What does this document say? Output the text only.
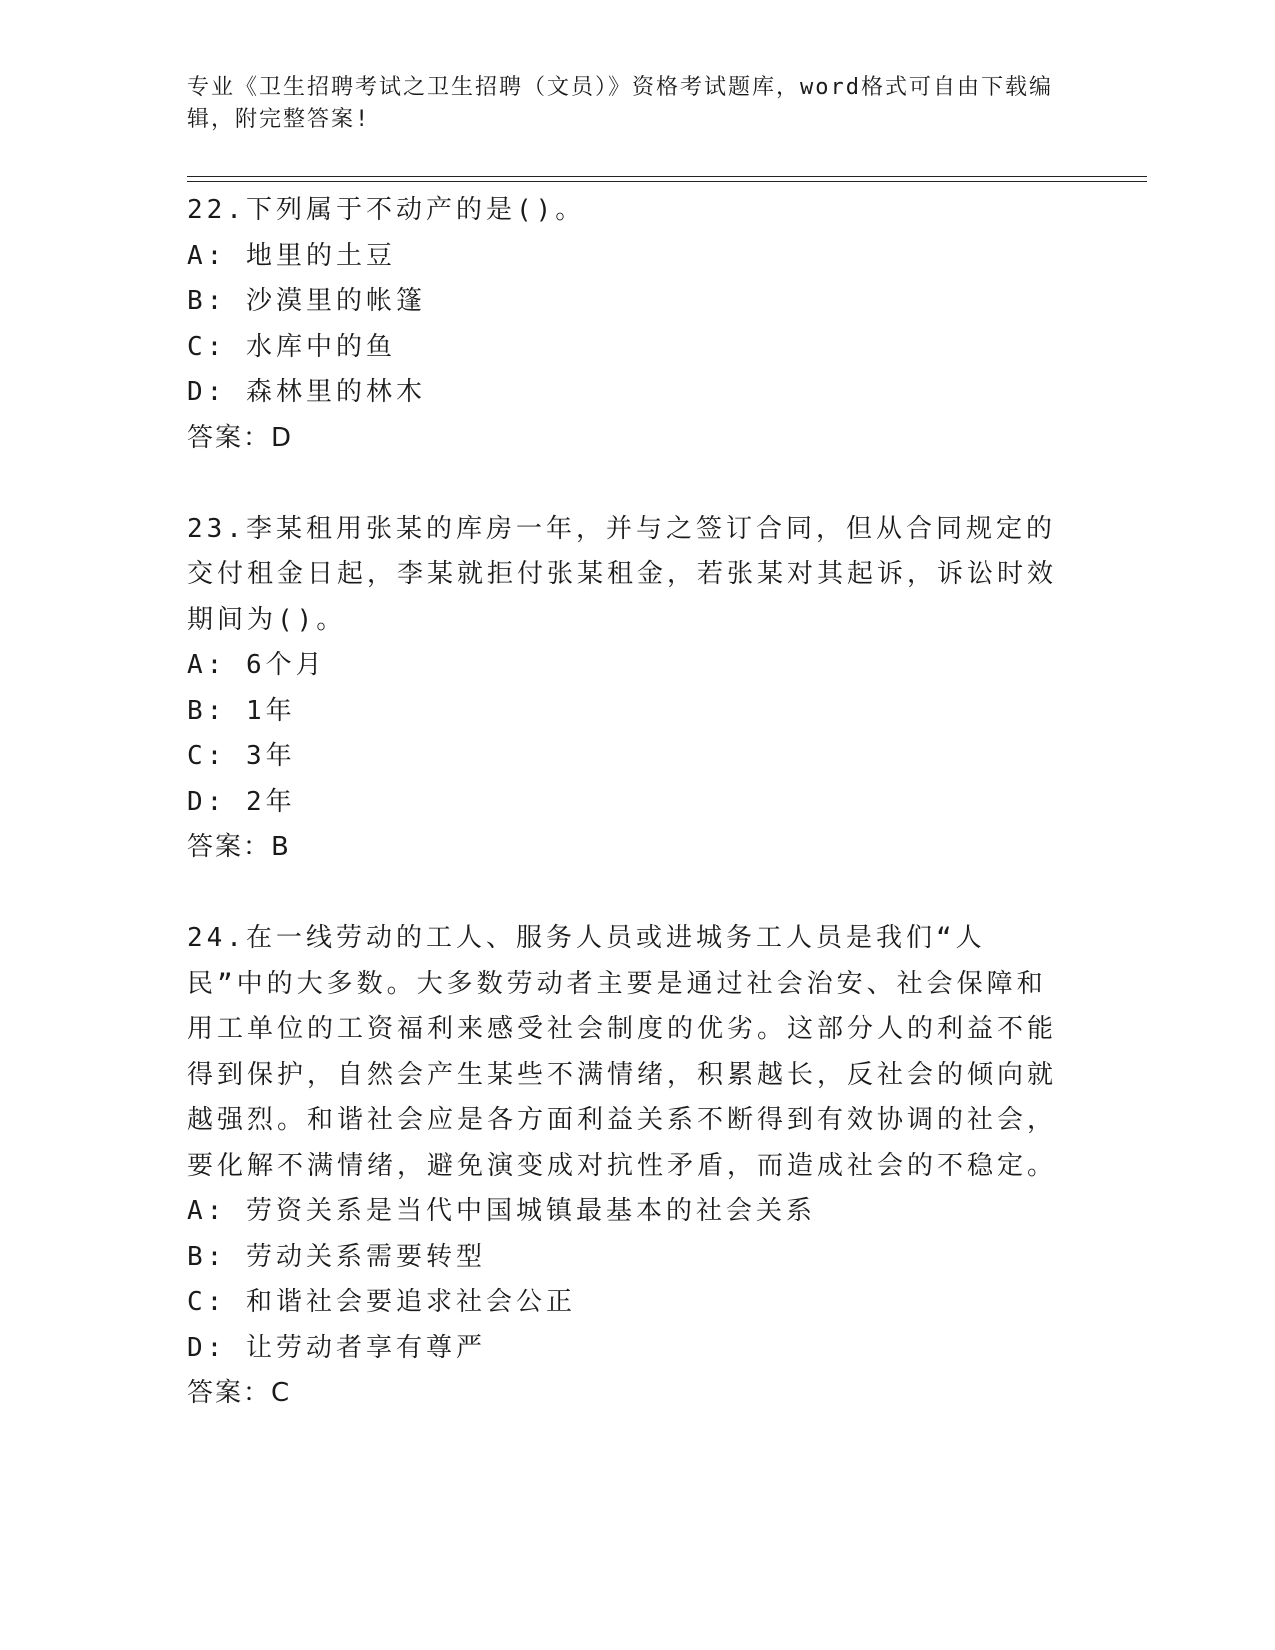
专业《卫生招聘考试之卫生招聘（文员）》资格考试题库，word格式可自由下载编辑，附完整答案!

22.下列属于不动产的是()。

A: 地里的土豆

B: 沙漠里的帐篷

C: 水库中的鱼

D: 森林里的林木

答案：D

23.李某租用张某的库房一年，并与之签订合同，但从合同规定的交付租金日起，李某就拒付张某租金，若张某对其起诉，诉讼时效期间为()。

A: 6个月

B: 1年

C: 3年

D: 2年

答案：B

24.在一线劳动的工人、服务人员或进城务工人员是我们“人民”中的大多数。大多数劳动者主要是通过社会治安、社会保障和用工单位的工资福利来感受社会制度的优劣。这部分人的利益不能得到保护，自然会产生某些不满情绪，积累越长，反社会的倾向就越强烈。和谐社会应是各方面利益关系不断得到有效协调的社会，要化解不满情绪，避免演变成对抗性矛盾，而造成社会的不稳定。

A: 劳资关系是当代中国城镇最基本的社会关系

B: 劳动关系需要转型

C: 和谐社会要追求社会公正

D: 让劳动者享有尊严

答案：C
